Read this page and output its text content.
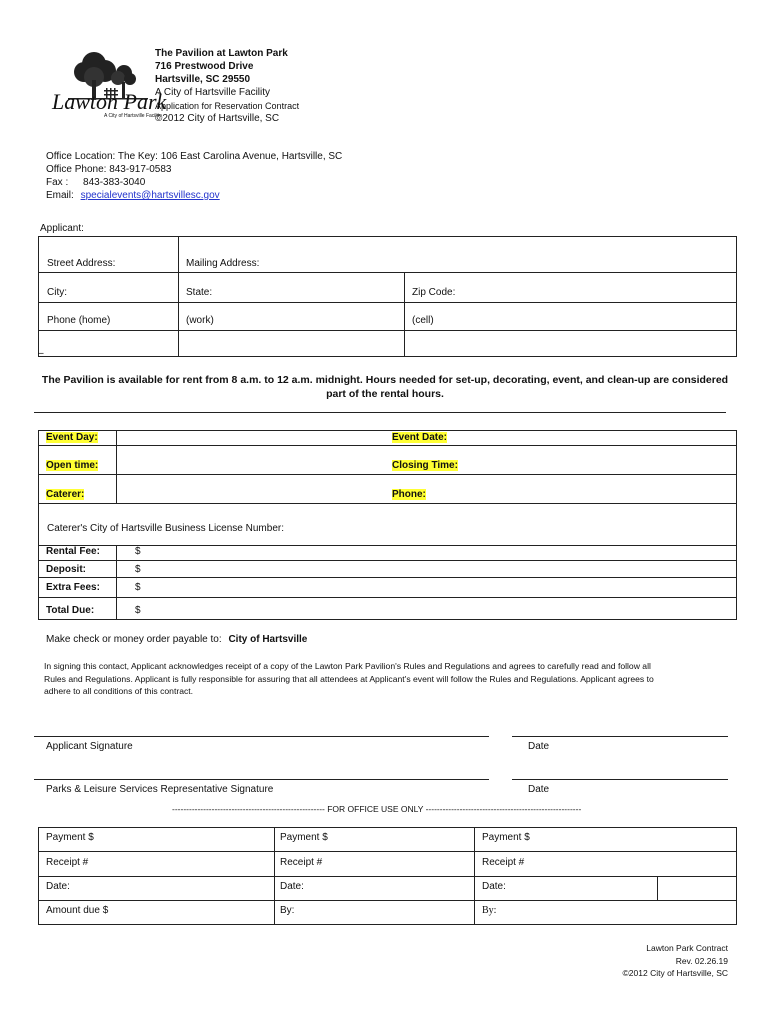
Lawton Park
A City of Hartsville Facility
The Pavilion at Lawton Park
716 Prestwood Drive
Hartsville, SC 29550
A City of Hartsville Facility
Application for Reservation Contract
©2012 City of Hartsville, SC
Office Location: The Key: 106 East Carolina Avenue, Hartsville, SC
Office Phone: 843-917-0583
Fax : 843-383-3040
Email: specialevents@hartsvillesc.gov
Applicant:
Street Address:	Mailing Address:
City:	State:	Zip Code:
Phone (home)	(work)	(cell)
–
The Pavilion is available for rent from 8 a.m. to 12 a.m. midnight. Hours needed for set-up, decorating, event, and clean-up are considered
part of the rental hours.
Event Day:	Event Date:
Open time:	Closing Time:
Caterer:	Phone:
Caterer's City of Hartsville Business License Number:
Rental Fee:	$
Deposit:	$
Extra Fees:	$
Total Due:	$
Make check or money order payable to: City of Hartsville
In signing this contact, Applicant acknowledges receipt of a copy of the Lawton Park Pavilion's Rules and Regulations and agrees to carefully read and follow all
Rules and Regulations. Applicant is fully responsible for assuring that all attendees at Applicant's event will follow the Rules and Regulations. Applicant agrees to
adhere to all conditions of this contract.
Applicant Signature	Date
Parks & Leisure Services Representative Signature	Date
------------------------------------------------------ FOR OFFICE USE ONLY -------------------------------------------------------
Payment $	Payment $	Payment $
Receipt #	Receipt #	Receipt #
Date:	Date:	Date:
Amount due $	By:	By:
Lawton Park Contract
Rev. 02.26.19
©2012 City of Hartsville, SC
